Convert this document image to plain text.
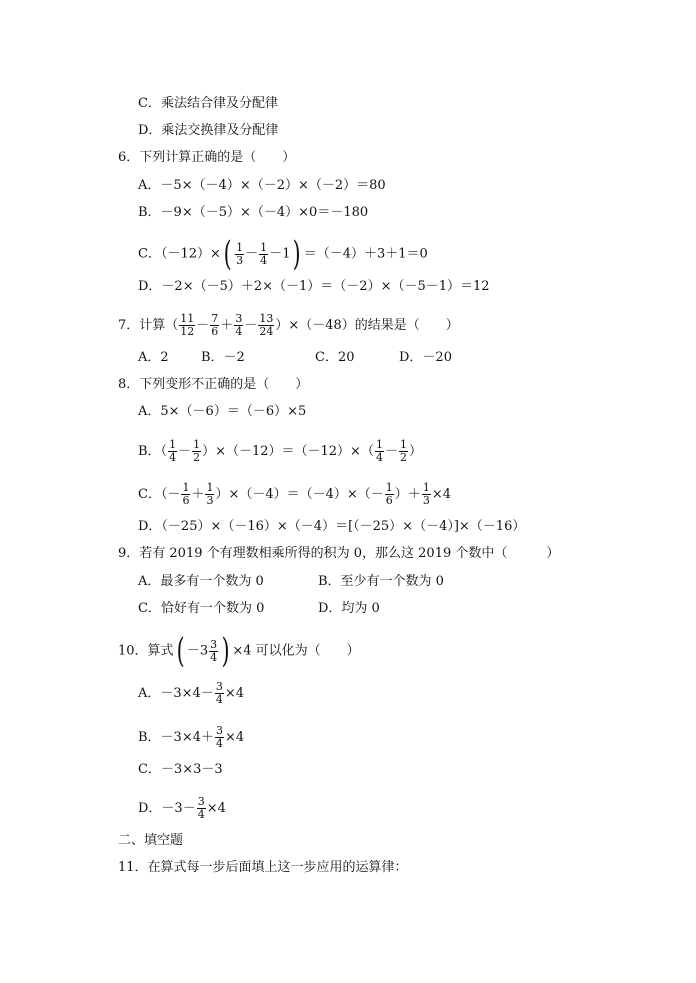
C．乘法结合律及分配律
D．乘法交换律及分配律
6．下列计算正确的是（　　）
A．－5×（－4）×（－2）×（－2）＝80
B．－9×（－5）×（－4）×0＝－180
C．$(-12)\times( \frac{1}{3} - \frac{1}{4} -1) =(-4)+3+1=0$
D．－2×（－5）＋2×（－1）＝（－2）×（－5－1）＝12
7．计算（ $\frac{11}{12} - \frac{7}{6} + \frac{3}{4} - \frac{13}{24} )\times(-48)$的结果是（　　）
A．2 B．－2	C．20	D．－20
8．下列变形不正确的是（　　）
A．5×（－6）＝（－6）×5
B．（ $\frac{1}{4} - \frac{1}{2} )\times(-12)=(-12)\times( \frac{1}{4} - \frac{1}{2}$ ）
C．（－ $\frac{1}{6} + \frac{1}{3} )\times(-4)=(-4)\times(- \frac{1}{6}$ ）＋ $\frac{1}{3} \times 4$
D．（－25）×（－16）×（－4）＝[（－25）×（－4）]×（－16）
9．若有 2019 个有理数相乘所得的积为 0，那么这 2019 个数中（　　　）
A．最多有一个数为 0	B．至少有一个数为 0
C．恰好有一个数为 0	D．均为 0
10．算式( $-3 \frac{3}{4}$ ) ×4 可以化为（　　）
A．$-3\times 4- \frac{3}{4} \times 4$
B．$-3\times 4+ \frac{3}{4} \times 4$
C．－3×3－3
D．$-3- \frac{3}{4} \times 4$
二、填空题
11．在算式每一步后面填上这一步应用的运算律：
